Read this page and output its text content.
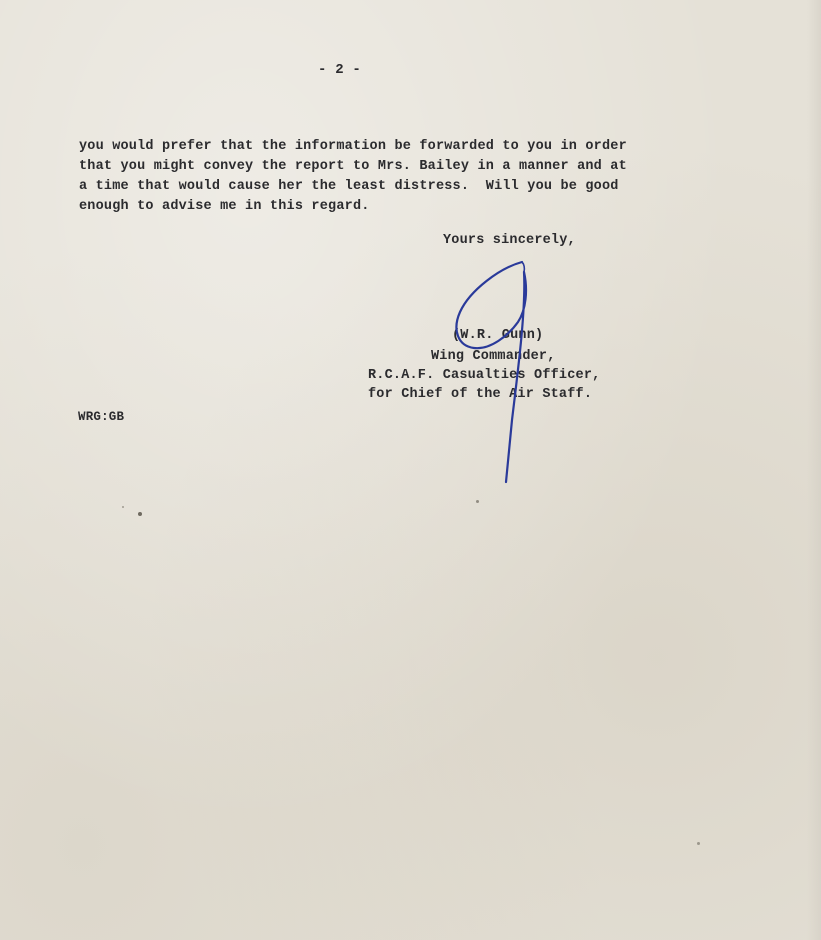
- 2 -
you would prefer that the information be forwarded to you in order
that you might convey the report to Mrs. Bailey in a manner and at
a time that would cause her the least distress.  Will you be good
enough to advise me in this regard.
Yours sincerely,
(W.R. Gunn)
Wing Commander,
R.C.A.F. Casualties Officer,
for Chief of the Air Staff.
WRG:GB
